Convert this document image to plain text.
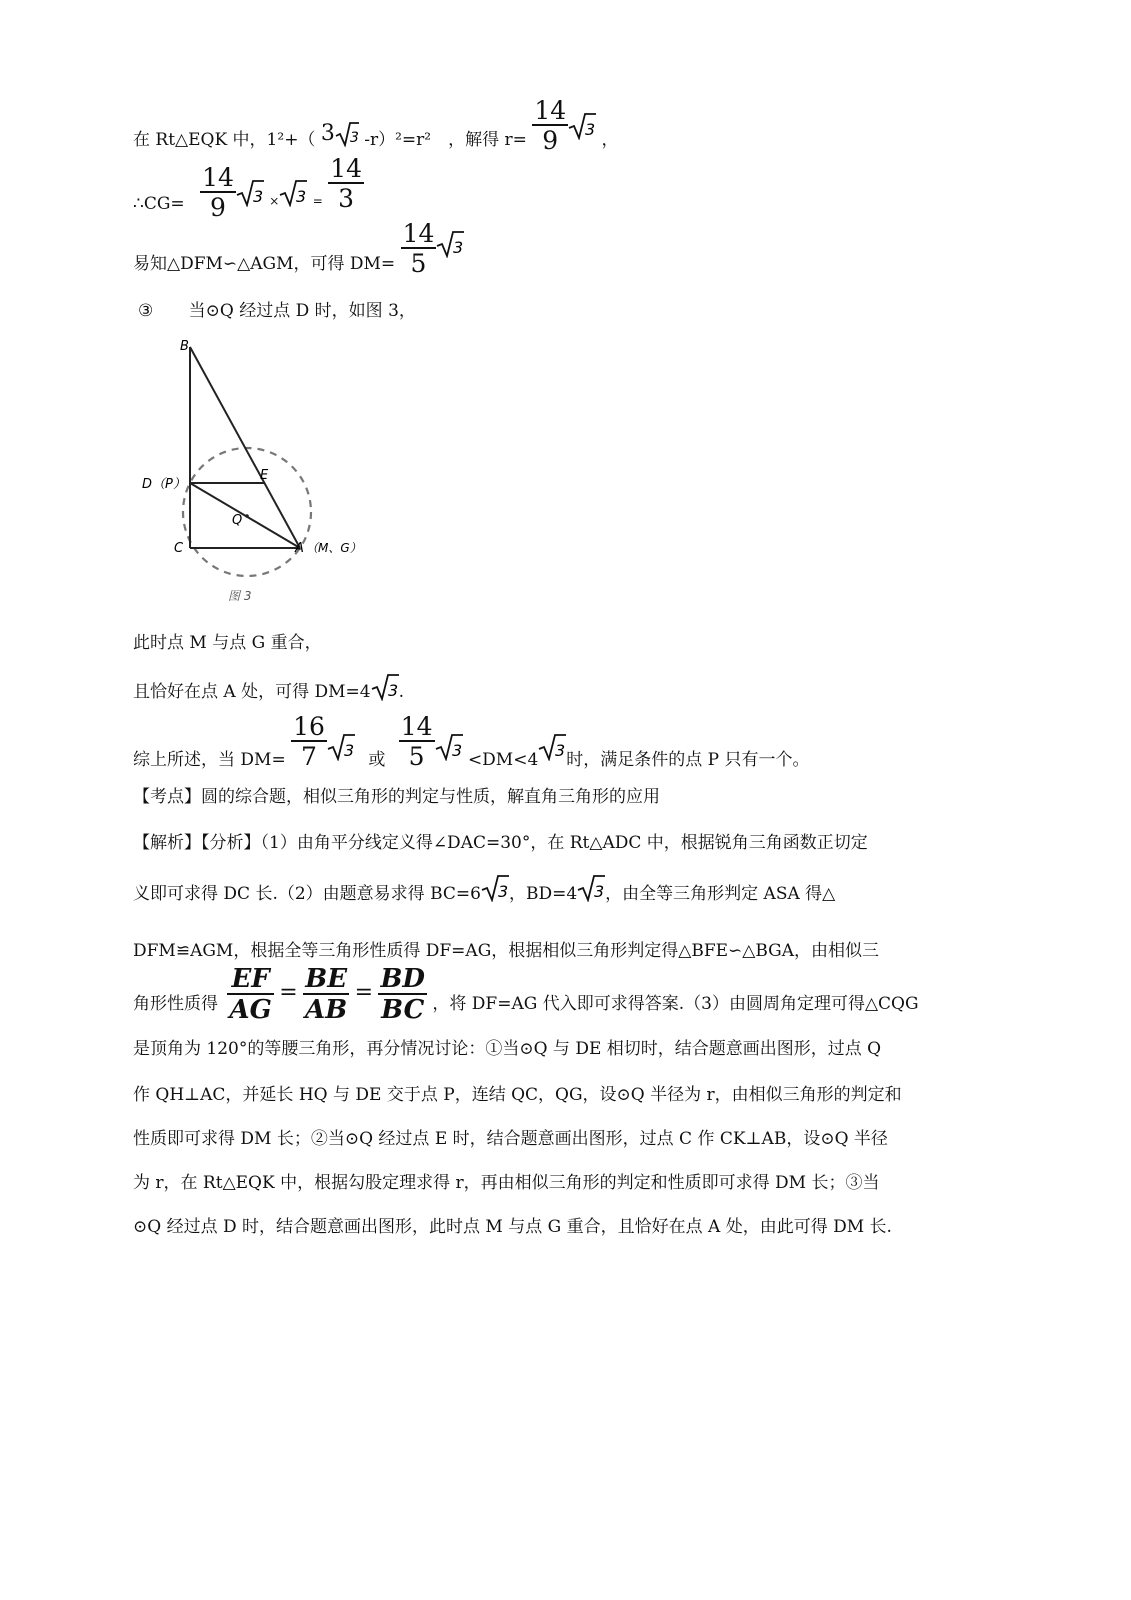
在 Rt△EQK 中，1²+（ 3 3 -r）²=r²　，解得 $r= \frac{14}{9} 3$
，
∴CG= $\frac{14}{9} 3$ $_\times$ 3 $_= \frac{14}{3}$
易知△DFM∽△AGM，可得 $DM= \frac{14}{5} 3$
③ 当⊙Q 经过点 D 时，如图 3，
B
D（P）
E
Q
C	A （M、G）
图 3
此时点 M 与点 G 重合，
且恰好在点 A 处，可得 DM=4 3 .
综上所述，当 $DM= \frac{16}{7} 3$ 或 $\frac{14}{5} 3 <DM<4$ 3 时，满足条件的点 P 只有一个。
【考点】圆的综合题，相似三角形的判定与性质，解直角三角形的应用
【解析】【分析】（1）由角平分线定义得∠DAC=30°，在 Rt△ADC 中，根据锐角三角函数正切定
义即可求得 DC 长.（2）由题意易求得 BC=6 3 ，BD=4 3 ，由全等三角形判定 ASA 得△
DFM≌AGM，根据全等三角形性质得 DF=AG，根据相似三角形判定得△BFE∽△BGA，由相似三
角形性质得 $\frac{EF}{AG} = \frac{BE}{AB} = \frac{BD}{BC}$ ，将 DF=AG 代入即可求得答案.（3）由圆周角定理可得△CQG
是顶角为 120°的等腰三角形，再分情况讨论：①当⊙Q 与 DE 相切时，结合题意画出图形，过点 Q
作 QH⊥AC，并延长 HQ 与 DE 交于点 P，连结 QC，QG，设⊙Q 半径为 r，由相似三角形的判定和
性质即可求得 DM 长；②当⊙Q 经过点 E 时，结合题意画出图形，过点 C 作 CK⊥AB，设⊙Q 半径
为 r，在 Rt△EQK 中，根据勾股定理求得 r，再由相似三角形的判定和性质即可求得 DM 长；③当
⊙Q 经过点 D 时，结合题意画出图形，此时点 M 与点 G 重合，且恰好在点 A 处，由此可得 DM 长.
